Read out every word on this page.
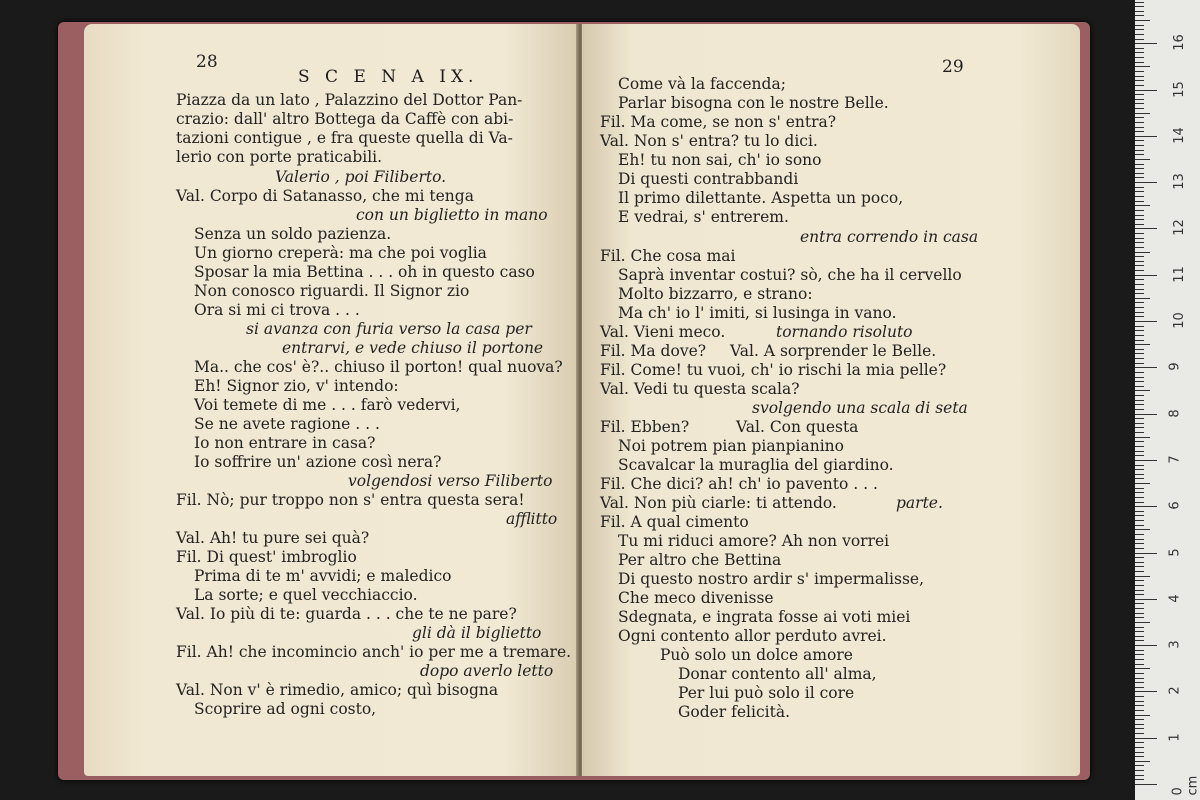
28
S C E N A IX.
Piazza da un lato , Palazzino del Dottor Pan-
crazio: dall' altro Bottega da Caffè con abi-
tazioni contigue , e fra queste quella di Va-
lerio con porte praticabili.
Valerio , poi Filiberto.
Val. Corpo di Satanasso, che mi tenga
con un biglietto in mano
Senza un soldo pazienza.
Un giorno creperà: ma che poi voglia
Sposar la mia Bettina . . . oh in questo caso
Non conosco riguardi. Il Signor zio
Ora si mi ci trova . . .
si avanza con furia verso la casa per
entrarvi, e vede chiuso il portone
Ma.. che cos' è?.. chiuso il porton! qual nuova?
Eh! Signor zio, v' intendo:
Voi temete di me . . . farò vedervi,
Se ne avete ragione . . .
Io non entrare in casa?
Io soffrire un' azione così nera?
volgendosi verso Filiberto
Fil. Nò; pur troppo non s' entra questa sera!
afflitto
Val. Ah! tu pure sei quà?
Fil. Di quest' imbroglio
Prima di te m' avvidi; e maledico
La sorte; e quel vecchiaccio.
Val. Io più di te: guarda . . . che te ne pare?
gli dà il biglietto
Fil. Ah! che incomincio anch' io per me a tremare.
dopo averlo letto
Val. Non v' è rimedio, amico; quì bisogna
Scoprire ad ogni costo,
29
Come và la faccenda;
Parlar bisogna con le nostre Belle.
Fil. Ma come, se non s' entra?
Val. Non s' entra? tu lo dici.
Eh! tu non sai, ch' io sono
Di questi contrabbandi
Il primo dilettante. Aspetta un poco,
E vedrai, s' entrerem.
entra correndo in casa
Fil. Che cosa mai
Saprà inventar costui? sò, che ha il cervello
Molto bizzarro, e strano:
Ma ch' io l' imiti, si lusinga in vano.
Val. Vieni meco.	tornando risoluto
Fil. Ma dove? Val. A sorprender le Belle.
Fil. Come! tu vuoi, ch' io rischi la mia pelle?
Val. Vedi tu questa scala?
svolgendo una scala di seta
Fil. Ebben?	Val. Con questa
Noi potrem pian pianpianino
Scavalcar la muraglia del giardino.
Fil. Che dici? ah! ch' io pavento . . .
Val. Non più ciarle: ti attendo.	parte.
Fil. A qual cimento
Tu mi riduci amore? Ah non vorrei
Per altro che Bettina
Di questo nostro ardir s' impermalisse,
Che meco divenisse
Sdegnata, e ingrata fosse ai voti miei
Ogni contento allor perduto avrei.
Può solo un dolce amore
Donar contento all' alma,
Per lui può solo il core
Goder felicità.
0 cm
1
2
3
4
5
6
7
8
9
10
11
12
13
14
15
16
